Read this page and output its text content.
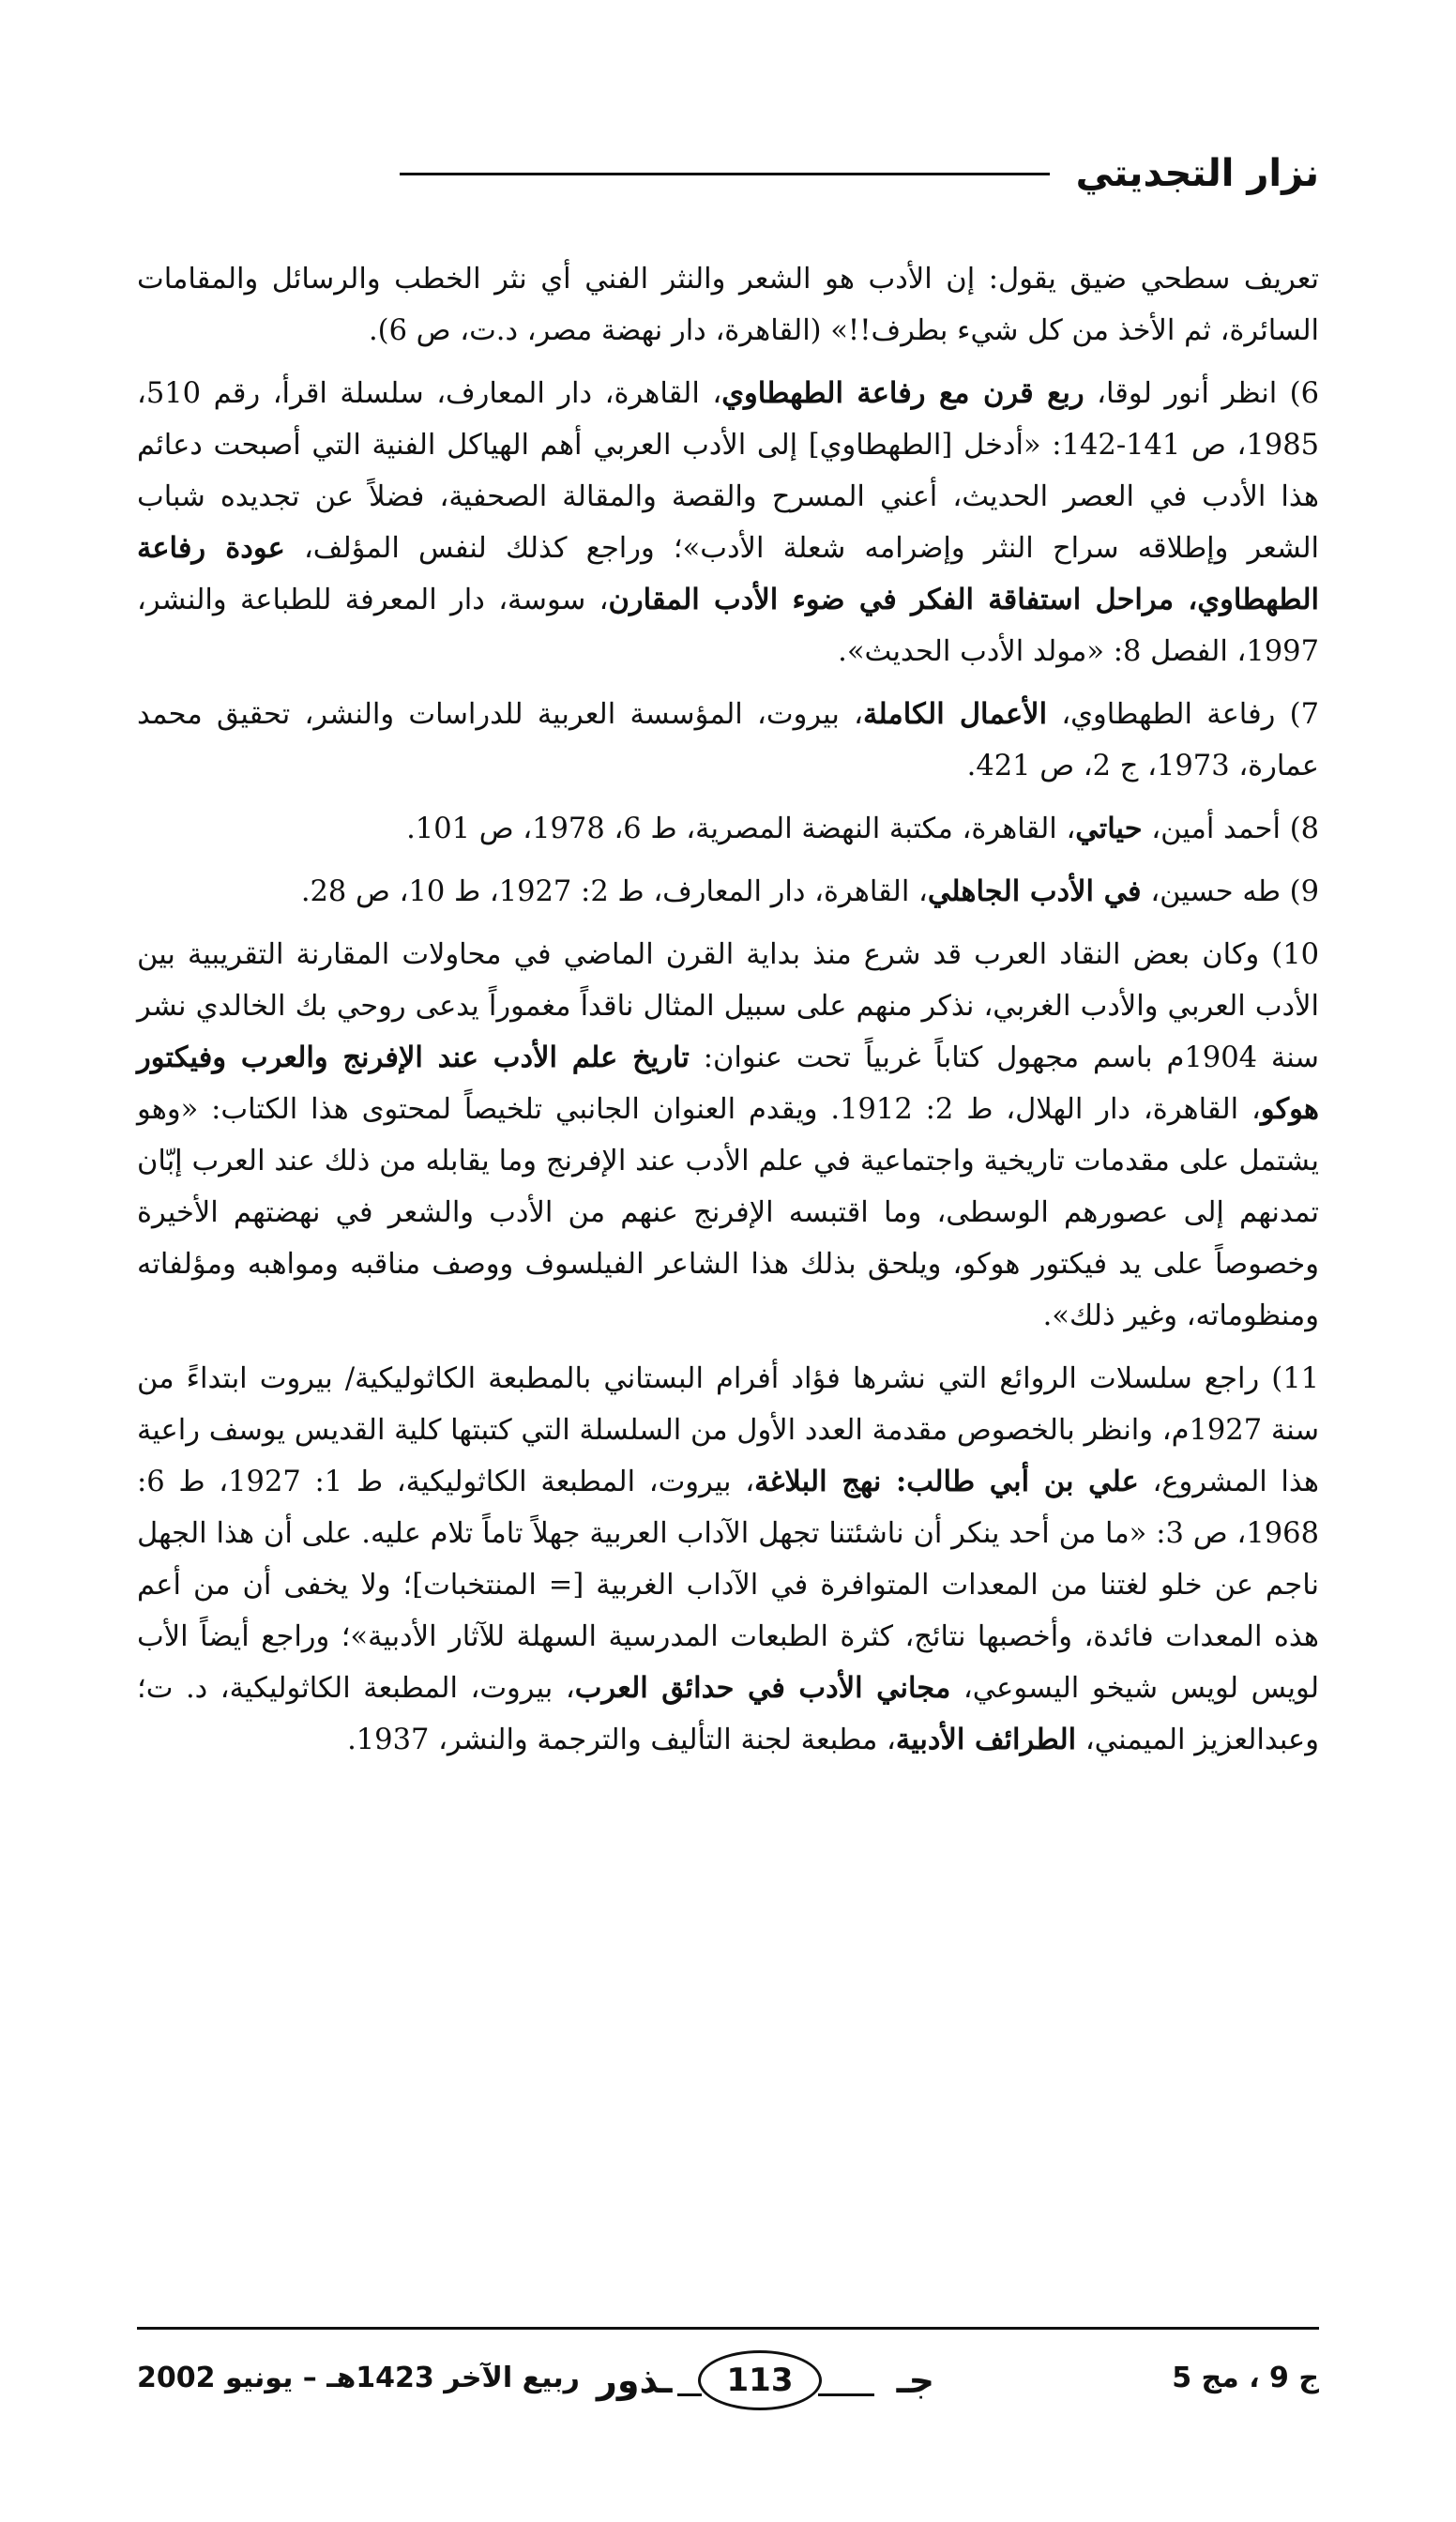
نزار التجديتي

تعريف سطحي ضيق يقول: إن الأدب هو الشعر والنثر الفني أي نثر الخطب والرسائل والمقامات السائرة، ثم الأخذ من كل شيء بطرف!!» (القاهرة، دار نهضة مصر، د.ت، ص 6).

6) انظر أنور لوقا، ربع قرن مع رفاعة الطهطاوي، القاهرة، دار المعارف، سلسلة اقرأ، رقم 510، 1985، ص 141-142: «أدخل [الطهطاوي] إلى الأدب العربي أهم الهياكل الفنية التي أصبحت دعائم هذا الأدب في العصر الحديث، أعني المسرح والقصة والمقالة الصحفية، فضلاً عن تجديده شباب الشعر وإطلاقه سراح النثر وإضرامه شعلة الأدب»؛ وراجع كذلك لنفس المؤلف، عودة رفاعة الطهطاوي، مراحل استفاقة الفكر في ضوء الأدب المقارن، سوسة، دار المعرفة للطباعة والنشر، 1997، الفصل 8: «مولد الأدب الحديث».

7) رفاعة الطهطاوي، الأعمال الكاملة، بيروت، المؤسسة العربية للدراسات والنشر، تحقيق محمد عمارة، 1973، ج 2، ص 421.

8) أحمد أمين، حياتي، القاهرة، مكتبة النهضة المصرية، ط 6، 1978، ص 101.

9) طه حسين، في الأدب الجاهلي، القاهرة، دار المعارف، ط 2: 1927، ط 10، ص 28.

10) وكان بعض النقاد العرب قد شرع منذ بداية القرن الماضي في محاولات المقارنة التقريبية بين الأدب العربي والأدب الغربي، نذكر منهم على سبيل المثال ناقداً مغموراً يدعى روحي بك الخالدي نشر سنة 1904م باسم مجهول كتاباً غربياً تحت عنوان: تاريخ علم الأدب عند الإفرنج والعرب وفيكتور هوكو، القاهرة، دار الهلال، ط 2: 1912. ويقدم العنوان الجانبي تلخيصاً لمحتوى هذا الكتاب: «وهو يشتمل على مقدمات تاريخية واجتماعية في علم الأدب عند الإفرنج وما يقابله من ذلك عند العرب إبّان تمدنهم إلى عصورهم الوسطى، وما اقتبسه الإفرنج عنهم من الأدب والشعر في نهضتهم الأخيرة وخصوصاً على يد فيكتور هوكو، ويلحق بذلك هذا الشاعر الفيلسوف ووصف مناقبه ومواهبه ومؤلفاته ومنظوماته، وغير ذلك».

11) راجع سلسلات الروائع التي نشرها فؤاد أفرام البستاني بالمطبعة الكاثوليكية/ بيروت ابتداءً من سنة 1927م، وانظر بالخصوص مقدمة العدد الأول من السلسلة التي كتبتها كلية القديس يوسف راعية هذا المشروع، علي بن أبي طالب: نهج البلاغة، بيروت، المطبعة الكاثوليكية، ط 1: 1927، ط 6: 1968، ص 3: «ما من أحد ينكر أن ناشئتنا تجهل الآداب العربية جهلاً تاماً تلام عليه. على أن هذا الجهل ناجم عن خلو لغتنا من المعدات المتوافرة في الآداب الغربية [= المنتخبات]؛ ولا يخفى أن من أعم هذه المعدات فائدة، وأخصبها نتائج، كثرة الطبعات المدرسية السهلة للآثار الأدبية»؛ وراجع أيضاً الأب لويس لويس شيخو اليسوعي، مجاني الأدب في حدائق العرب، بيروت، المطبعة الكاثوليكية، د. ت؛ وعبدالعزيز الميمني، الطرائف الأدبية، مطبعة لجنة التأليف والترجمة والنشر، 1937.

ج 9 ، مج 5
ـذور 113	جـ
ربيع الآخر 1423هـ – يونيو 2002
